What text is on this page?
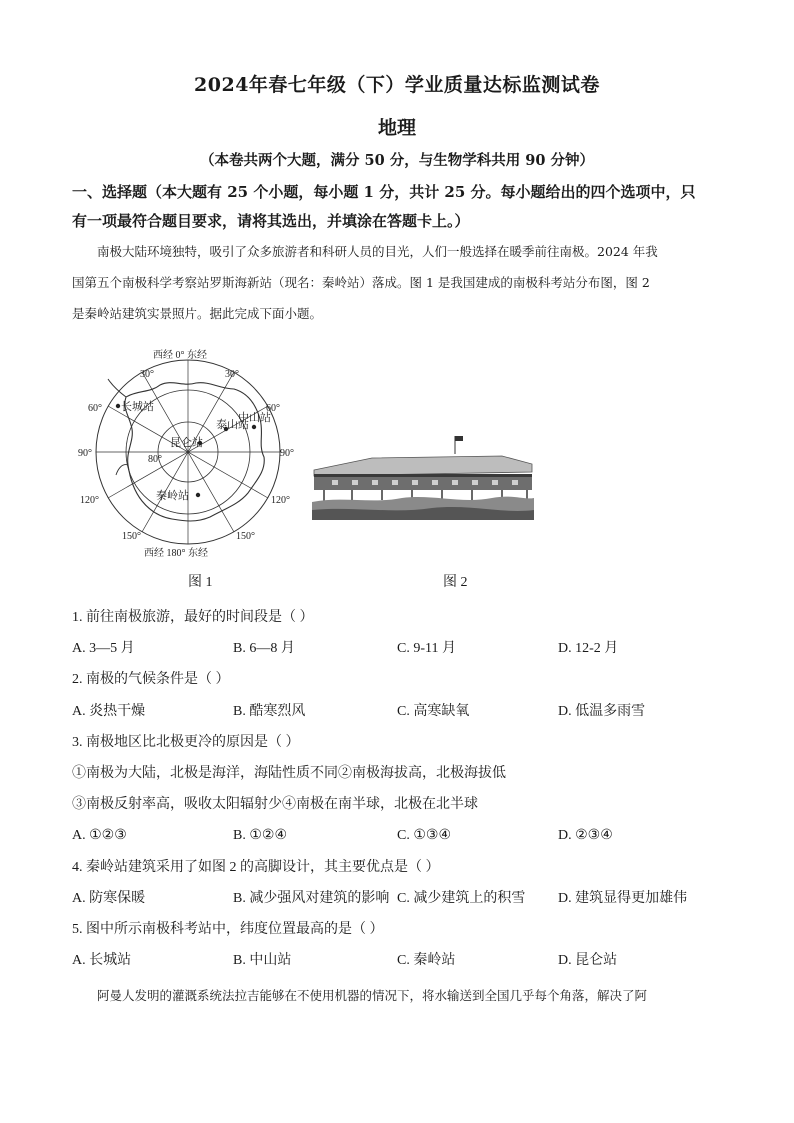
2024年春七年级（下）学业质量达标监测试卷
地理
（本卷共两个大题，满分 50 分，与生物学科共用 90 分钟）
一、选择题（本大题有 25 个小题，每小题 1 分，共计 25 分。每小题给出的四个选项中，只
有一项最符合题目要求，请将其选出，并填涂在答题卡上。）

南极大陆环境独特，吸引了众多旅游者和科研人员的目光，人们一般选择在暖季前往南极。2024 年我

国第五个南极科学考察站罗斯海新站（现名：秦岭站）落成。图 1 是我国建成的南极科考站分布图，图 2
是秦岭站建筑实景照片。据此完成下面小题。
西经 0° 东经
西经 180° 东经
30°	30°
60°	60°
90°	90°
120°	120°
150°	150°
80°
长城站
泰山站
中山站
昆仑站
秦岭站
图 1	图 2
1. 前往南极旅游，最好的时间段是（ ）
A. 3—5 月	B. 6—8 月	C. 9-11 月	D. 12-2 月
2. 南极的气候条件是（ ）
A. 炎热干燥	B. 酷寒烈风	C. 高寒缺氧	D. 低温多雨雪
3. 南极地区比北极更冷的原因是（ ）
①南极为大陆，北极是海洋，海陆性质不同②南极海拔高，北极海拔低
③南极反射率高，吸收太阳辐射少④南极在南半球，北极在北半球
A. ①②③	B. ①②④	C. ①③④	D. ②③④
4. 秦岭站建筑采用了如图 2 的高脚设计，其主要优点是（ ）
A. 防寒保暖	B. 减少强风对建筑的影响 C. 减少建筑上的积雪 D. 建筑显得更加雄伟
5. 图中所示南极科考站中，纬度位置最高的是（ ）
A. 长城站	B. 中山站	C. 秦岭站	D. 昆仑站

阿曼人发明的灌溉系统法拉吉能够在不使用机器的情况下，将水输送到全国几乎每个角落，解决了阿
